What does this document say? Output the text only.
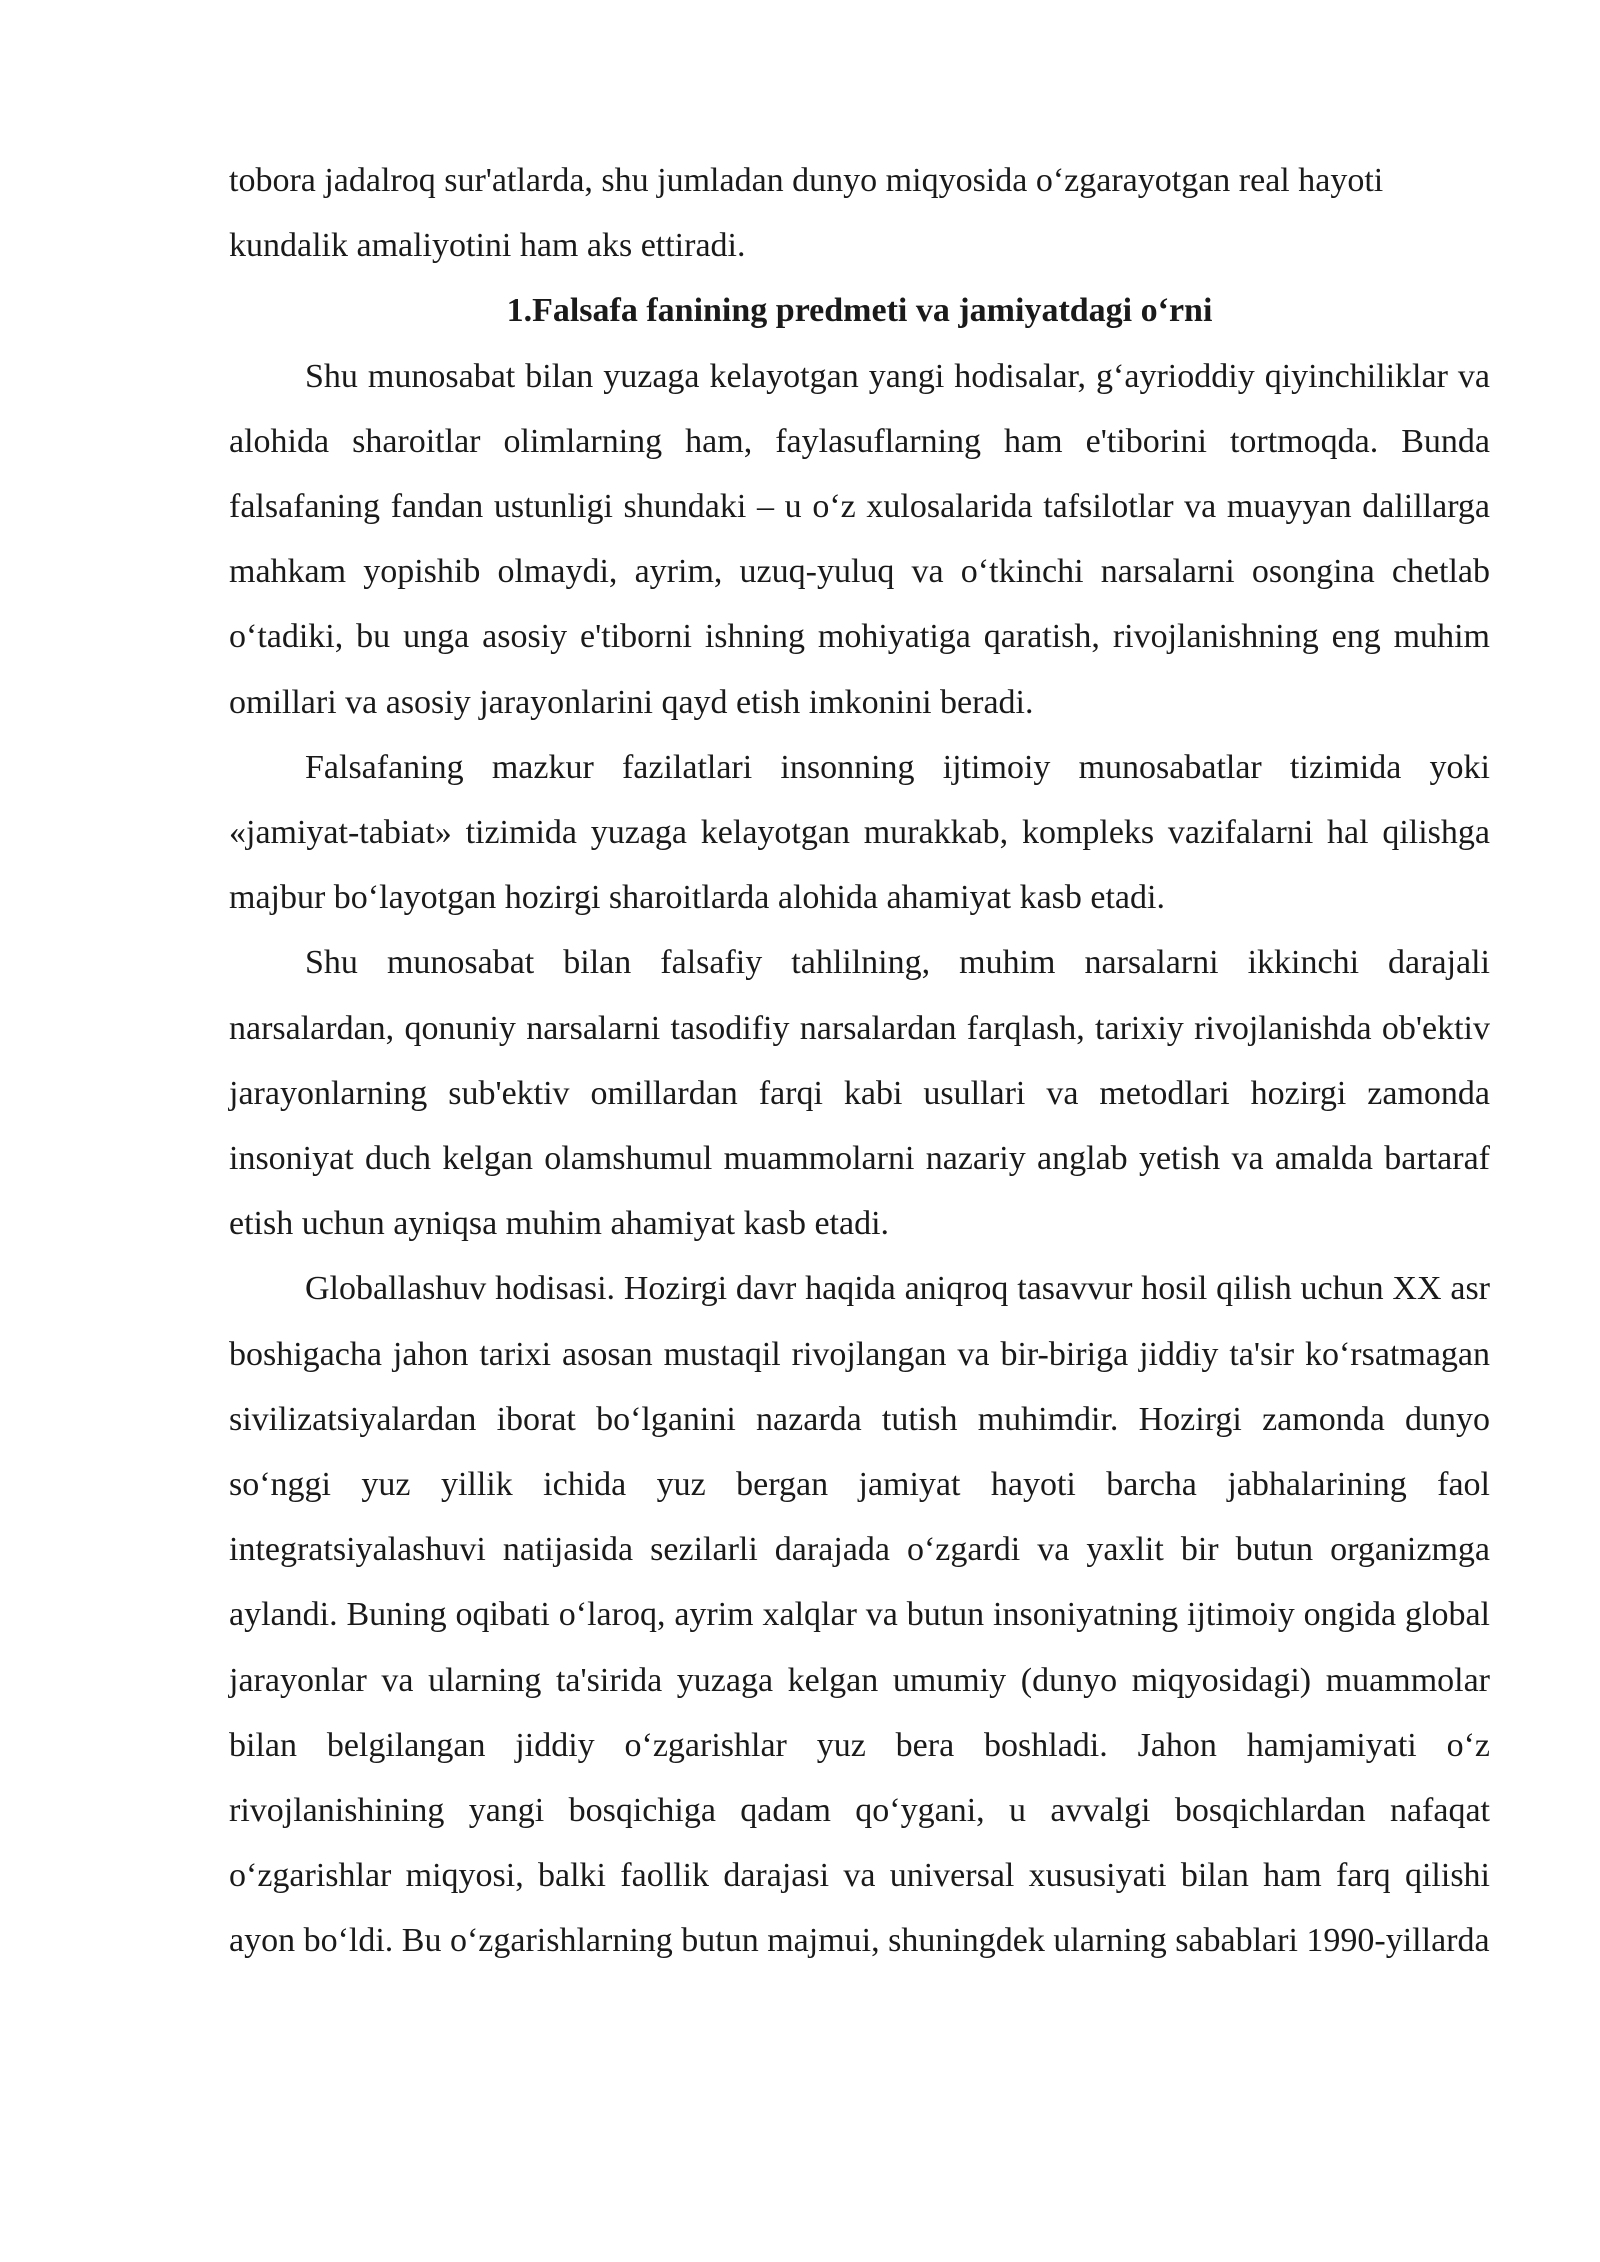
tobora jadalroq sur'atlarda, shu jumladan dunyo miqyosida o‘zgarayotgan real hayoti kundalik amaliyotini ham aks ettiradi.

1.Falsafa fanining predmeti va jamiyatdagi o‘rni

Shu munosabat bilan yuzaga kelayotgan yangi hodisalar, g‘ayrioddiy qiyinchiliklar va alohida sharoitlar olimlarning ham, faylasuflarning ham e'tiborini tortmoqda. Bunda falsafaning fandan ustunligi shundaki – u o‘z xulosalarida tafsilotlar va muayyan dalillarga mahkam yopishib olmaydi, ayrim, uzuq-yuluq va o‘tkinchi narsalarni osongina chetlab o‘tadiki, bu unga asosiy e'tiborni ishning mohiyatiga qaratish, rivojlanishning eng muhim omillari va asosiy jarayonlarini qayd etish imkonini beradi.

Falsafaning mazkur fazilatlari insonning ijtimoiy munosabatlar tizimida yoki «jamiyat-tabiat» tizimida yuzaga kelayotgan murakkab, kompleks vazifalarni hal qilishga majbur bo‘layotgan hozirgi sharoitlarda alohida ahamiyat kasb etadi.

Shu munosabat bilan falsafiy tahlilning, muhim narsalarni ikkinchi darajali narsalardan, qonuniy narsalarni tasodifiy narsalardan farqlash, tarixiy rivojlanishda ob'ektiv jarayonlarning sub'ektiv omillardan farqi kabi usullari va metodlari hozirgi zamonda insoniyat duch kelgan olamshumul muammolarni nazariy anglab yetish va amalda bartaraf etish uchun ayniqsa muhim ahamiyat kasb etadi.

Globallashuv hodisasi. Hozirgi davr haqida aniqroq tasavvur hosil qilish uchun XX asr boshigacha jahon tarixi asosan mustaqil rivojlangan va bir-biriga jiddiy ta'sir ko‘rsatmagan sivilizatsiyalardan iborat bo‘lganini nazarda tutish muhimdir. Hozirgi zamonda dunyo so‘nggi yuz yillik ichida yuz bergan jamiyat hayoti barcha jabhalarining faol integratsiyalashuvi natijasida sezilarli darajada o‘zgardi va yaxlit bir butun organizmga aylandi. Buning oqibati o‘laroq, ayrim xalqlar va butun insoniyatning ijtimoiy ongida global jarayonlar va ularning ta'sirida yuzaga kelgan umumiy (dunyo miqyosidagi) muammolar bilan belgilangan jiddiy o‘zgarishlar yuz bera boshladi. Jahon hamjamiyati o‘z rivojlanishining yangi bosqichiga qadam qo‘ygani, u avvalgi bosqichlardan nafaqat o‘zgarishlar miqyosi, balki faollik darajasi va universal xususiyati bilan ham farq qilishi ayon bo‘ldi. Bu o‘zgarishlarning butun majmui, shuningdek ularning sabablari 1990-yillarda
